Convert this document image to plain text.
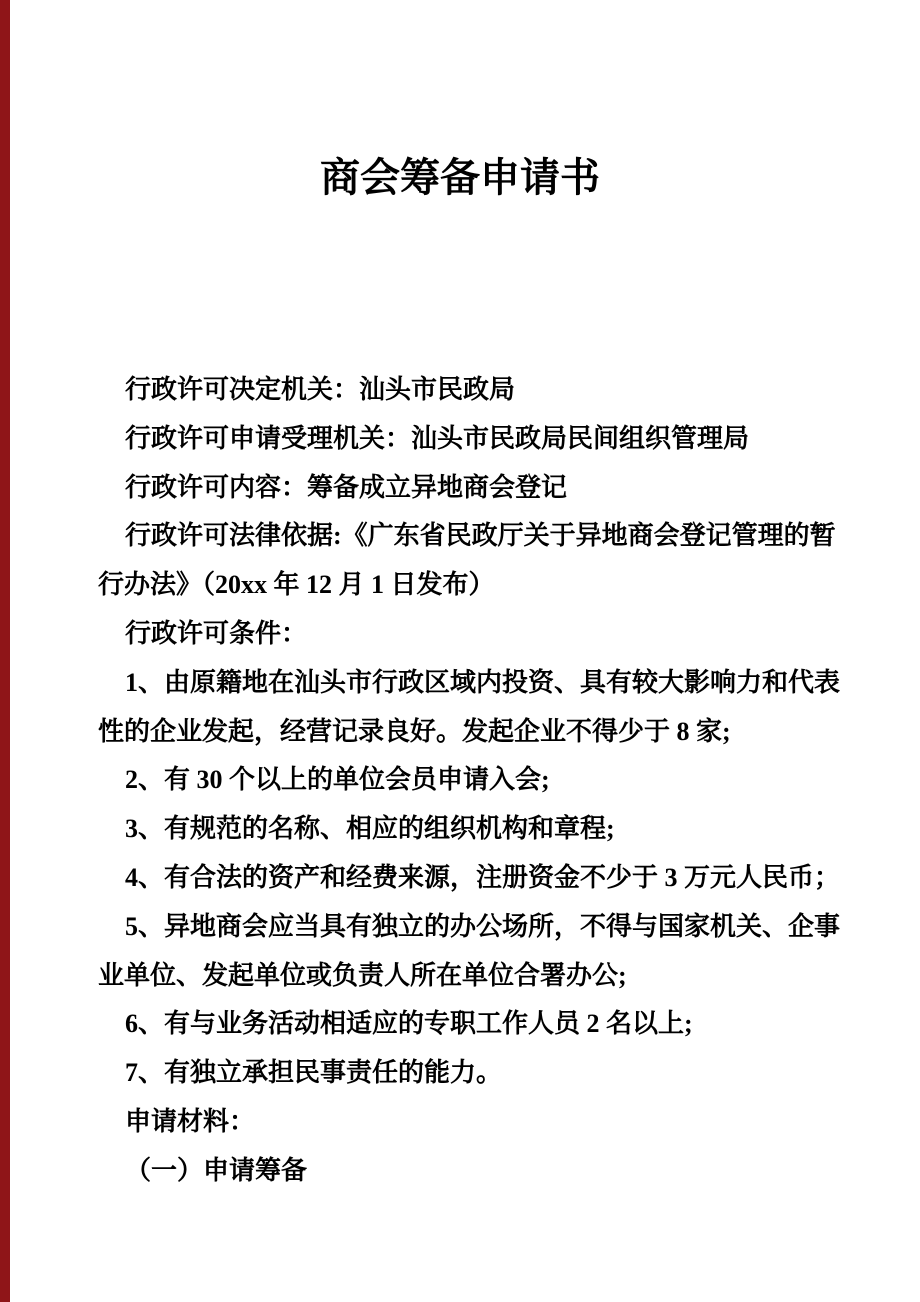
商会筹备申请书
行政许可决定机关：汕头市民政局
行政许可申请受理机关：汕头市民政局民间组织管理局
行政许可内容：筹备成立异地商会登记
行政许可法律依据:《广东省民政厅关于异地商会登记管理的暂
行办法》（20xx 年 12 月 1 日发布）
行政许可条件：
1、由原籍地在汕头市行政区域内投资、具有较大影响力和代表
性的企业发起，经营记录良好。发起企业不得少于 8 家;
2、有 30 个以上的单位会员申请入会;
3、有规范的名称、相应的组织机构和章程;
4、有合法的资产和经费来源，注册资金不少于 3 万元人民币；
5、异地商会应当具有独立的办公场所，不得与国家机关、企事
业单位、发起单位或负责人所在单位合署办公;
6、有与业务活动相适应的专职工作人员 2 名以上;
7、有独立承担民事责任的能力。
申请材料：
（一）申请筹备
